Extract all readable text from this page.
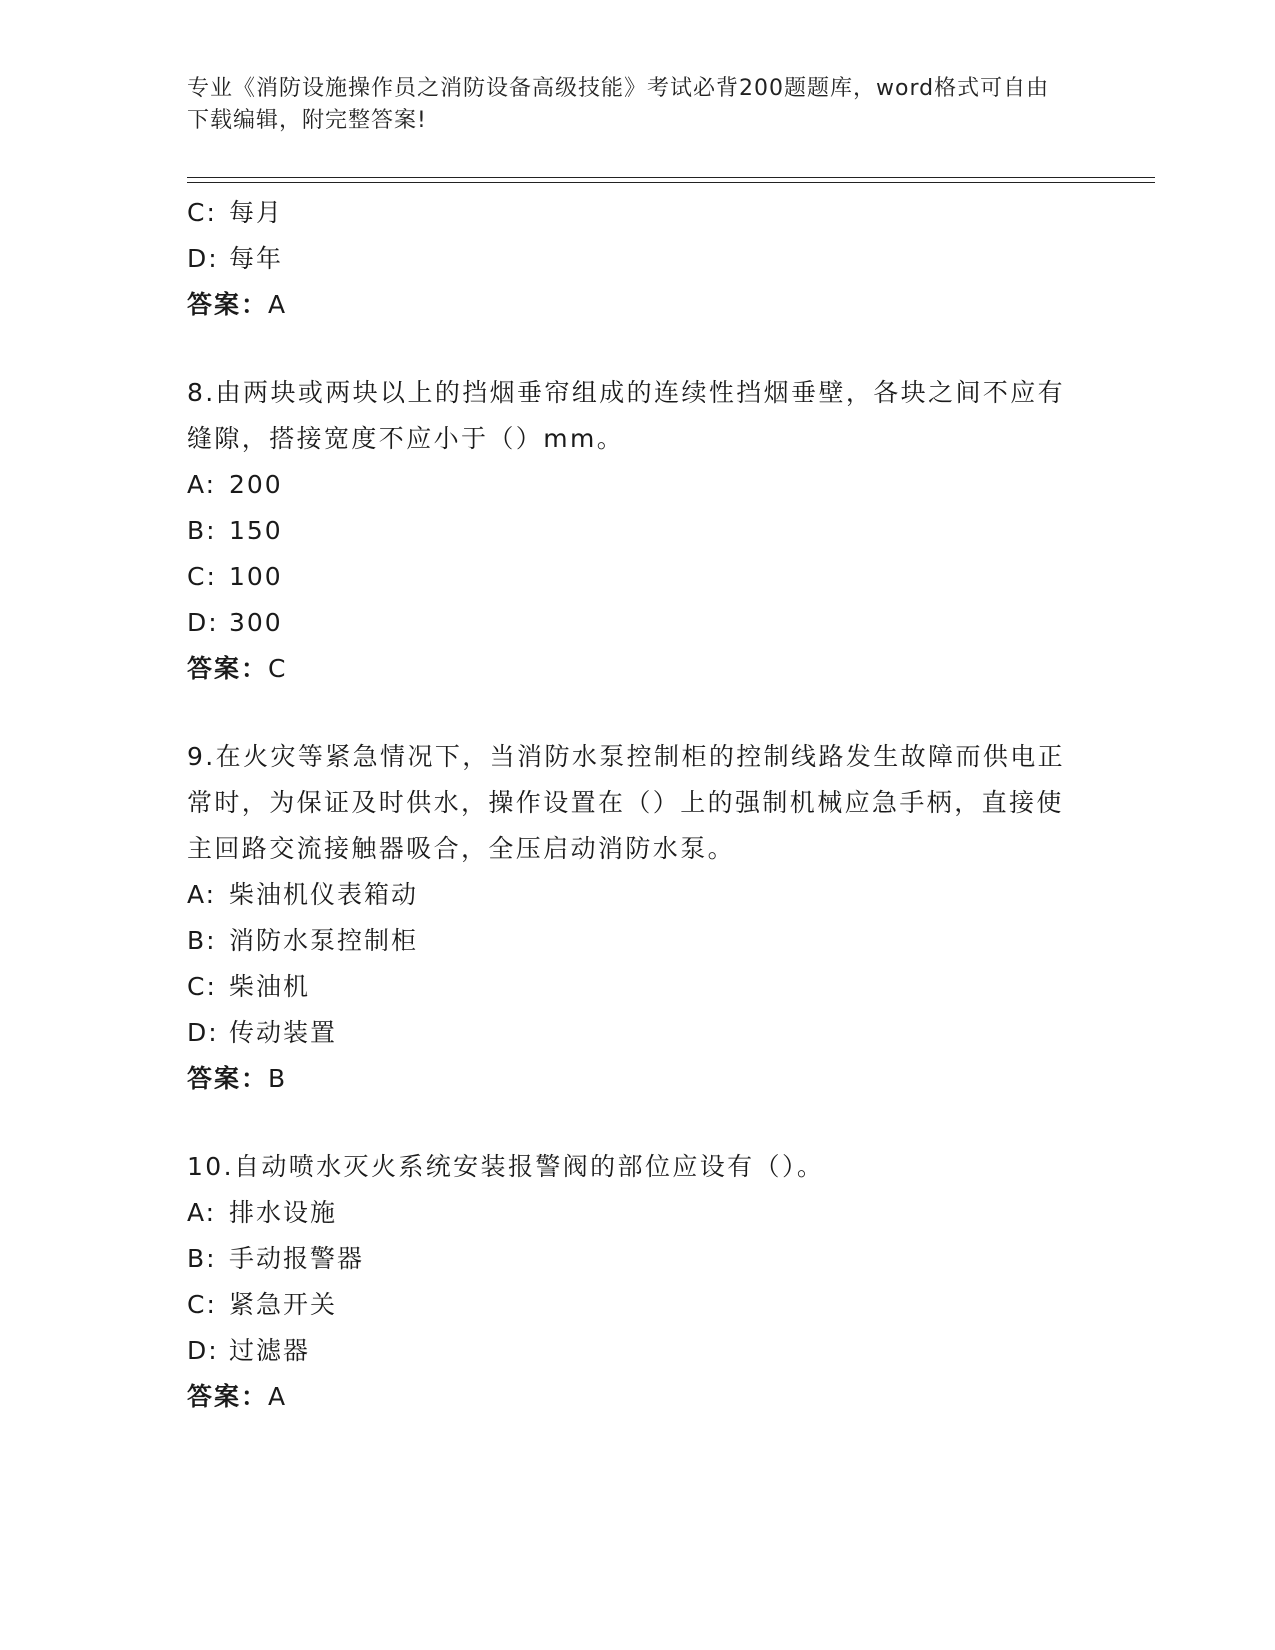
专业《消防设施操作员之消防设备高级技能》考试必背200题题库，word格式可自由下载编辑，附完整答案!
C: 每月
D: 每年
答案：A
8.由两块或两块以上的挡烟垂帘组成的连续性挡烟垂壁，各块之间不应有缝隙，搭接宽度不应小于（）mm。
A: 200
B: 150
C: 100
D: 300
答案：C
9.在火灾等紧急情况下，当消防水泵控制柜的控制线路发生故障而供电正常时，为保证及时供水，操作设置在（）上的强制机械应急手柄，直接使主回路交流接触器吸合，全压启动消防水泵。
A: 柴油机仪表箱动
B: 消防水泵控制柜
C: 柴油机
D: 传动装置
答案：B
10.自动喷水灭火系统安装报警阀的部位应设有（）。
A: 排水设施
B: 手动报警器
C: 紧急开关
D: 过滤器
答案：A
